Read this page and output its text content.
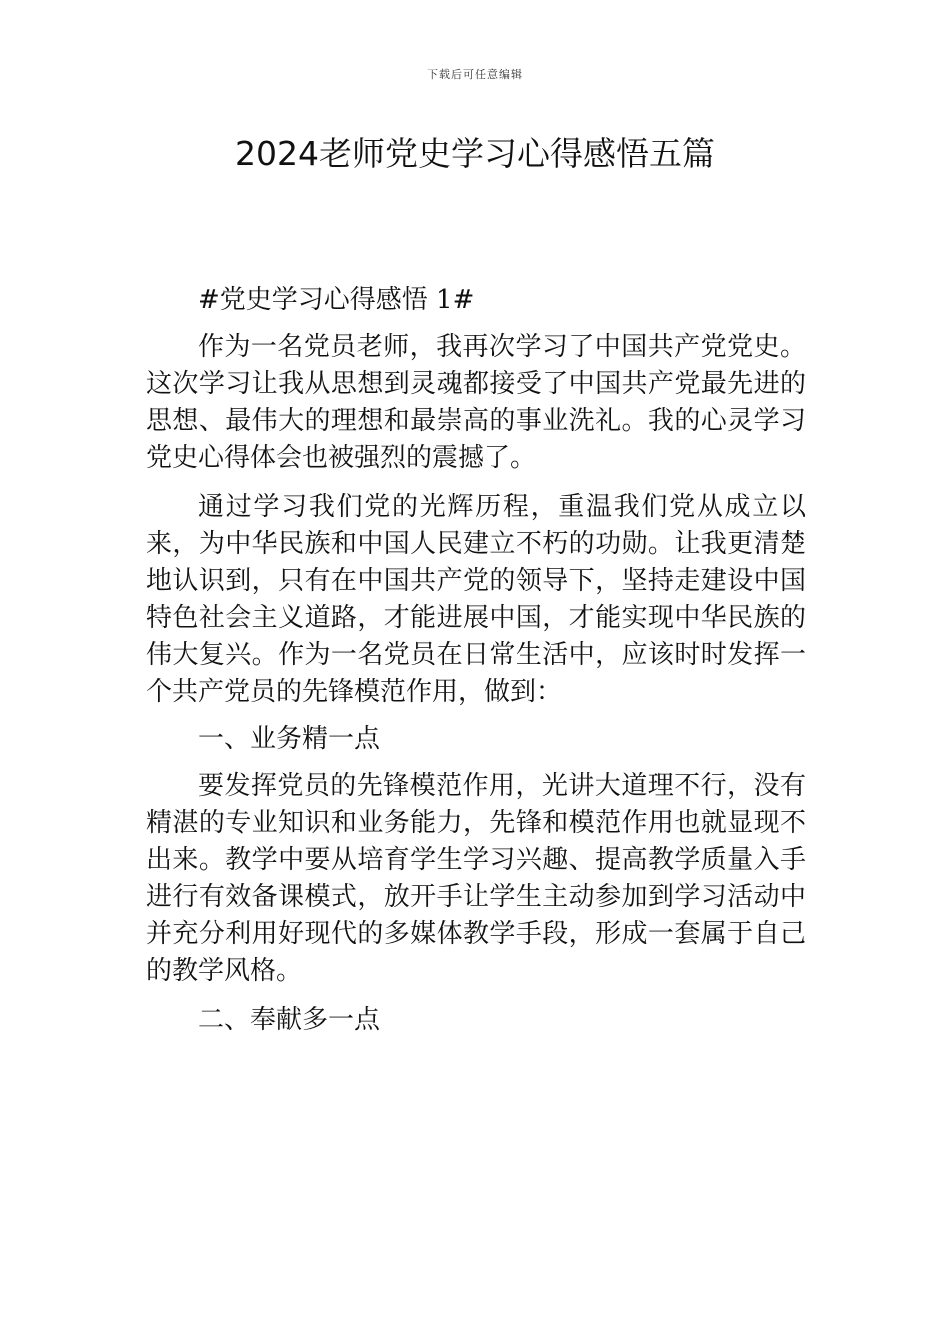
下载后可任意编辑
2024老师党史学习心得感悟五篇

#党史学习心得感悟 1#

作为一名党员老师，我再次学习了中国共产党党史。这次学习让我从思想到灵魂都接受了中国共产党最先进的思想、最伟大的理想和最崇高的事业洗礼。我的心灵学习党史心得体会也被强烈的震撼了。

通过学习我们党的光辉历程，重温我们党从成立以来，为中华民族和中国人民建立不朽的功勋。让我更清楚地认识到，只有在中国共产党的领导下，坚持走建设中国特色社会主义道路，才能进展中国，才能实现中华民族的伟大复兴。作为一名党员在日常生活中，应该时时发挥一个共产党员的先锋模范作用，做到：

一、业务精一点

要发挥党员的先锋模范作用，光讲大道理不行，没有精湛的专业知识和业务能力，先锋和模范作用也就显现不出来。教学中要从培育学生学习兴趣、提高教学质量入手进行有效备课模式，放开手让学生主动参加到学习活动中并充分利用好现代的多媒体教学手段，形成一套属于自己的教学风格。

二、奉献多一点
